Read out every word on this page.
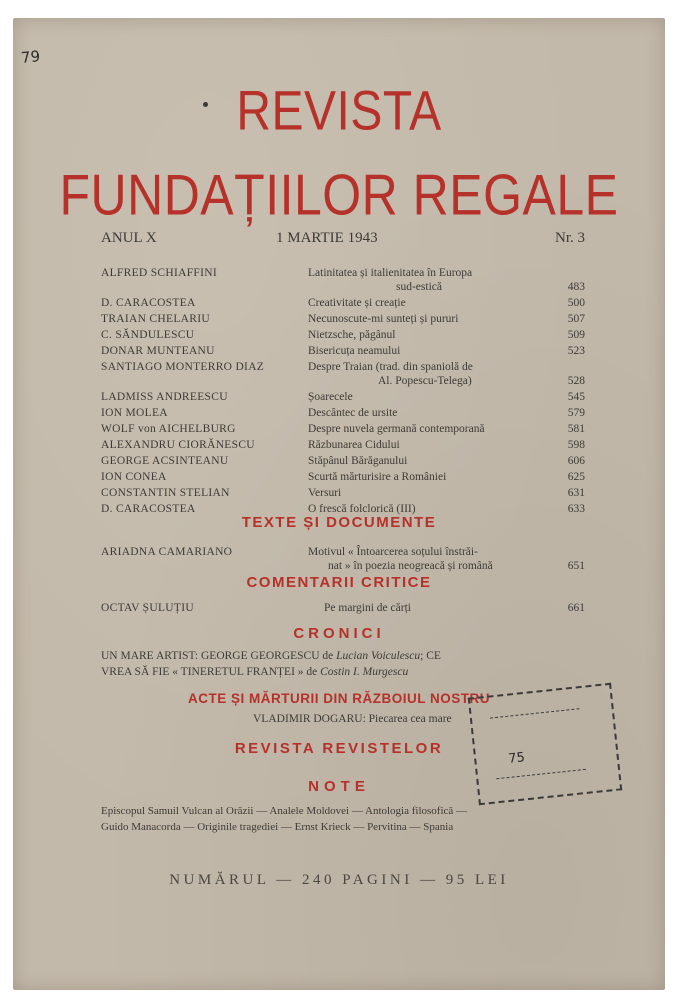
79
REVISTA
FUNDAȚIILOR REGALE
ANUL X	1 MARTIE 1943	Nr. 3
ALFRED SCHIAFFINI	Latinitatea și italienitatea în Europa
sud-estică	483
D. CARACOSTEA	Creativitate și creație	500
TRAIAN CHELARIU	Necunoscute-mi sunteți și pururi	507
C. SĂNDULESCU	Nietzsche, păgânul	509
DONAR MUNTEANU	Bisericuța neamului	523
SANTIAGO MONTERRO DIAZ	Despre Traian (trad. din spaniolă de
Al. Popescu-Telega)	528
LADMISS ANDREESCU	Șoarecele	545
ION MOLEA	Descântec de ursite	579
WOLF von AICHELBURG	Despre nuvela germană contemporană	581
ALEXANDRU CIORĂNESCU	Răzbunarea Cidului	598
GEORGE ACSINTEANU	Stăpânul Bărăganului	606
ION CONEA	Scurtă mărturisire a României	625
CONSTANTIN STELIAN	Versuri	631
D. CARACOSTEA	O frescă folclorică (III)	633
TEXTE ȘI DOCUMENTE
ARIADNA CAMARIANO	Motivul « Întoarcerea soțului înstrăi-
nat » în poezia neogreacă și română	651
COMENTARII CRITICE
OCTAV ȘULUȚIU	Pe margini de cărți	661
CRONICI
UN MARE ARTIST: GEORGE GEORGESCU de Lucian Voiculescu; CE
VREA SĂ FIE « TINERETUL FRANȚEI » de Costin I. Murgescu
ACTE ȘI MĂRTURII DIN RĂZBOIUL NOSTRU
VLADIMIR DOGARU: Piecarea cea mare
REVISTA REVISTELOR
NOTE
Episcopul Samuil Vulcan al Orăzii — Analele Moldovei — Antologia filosofică —
Guido Manacorda — Originile tragediei — Ernst Krieck — Pervitina — Spania
75
NUMĂRUL — 240 PAGINI — 95 LEI
